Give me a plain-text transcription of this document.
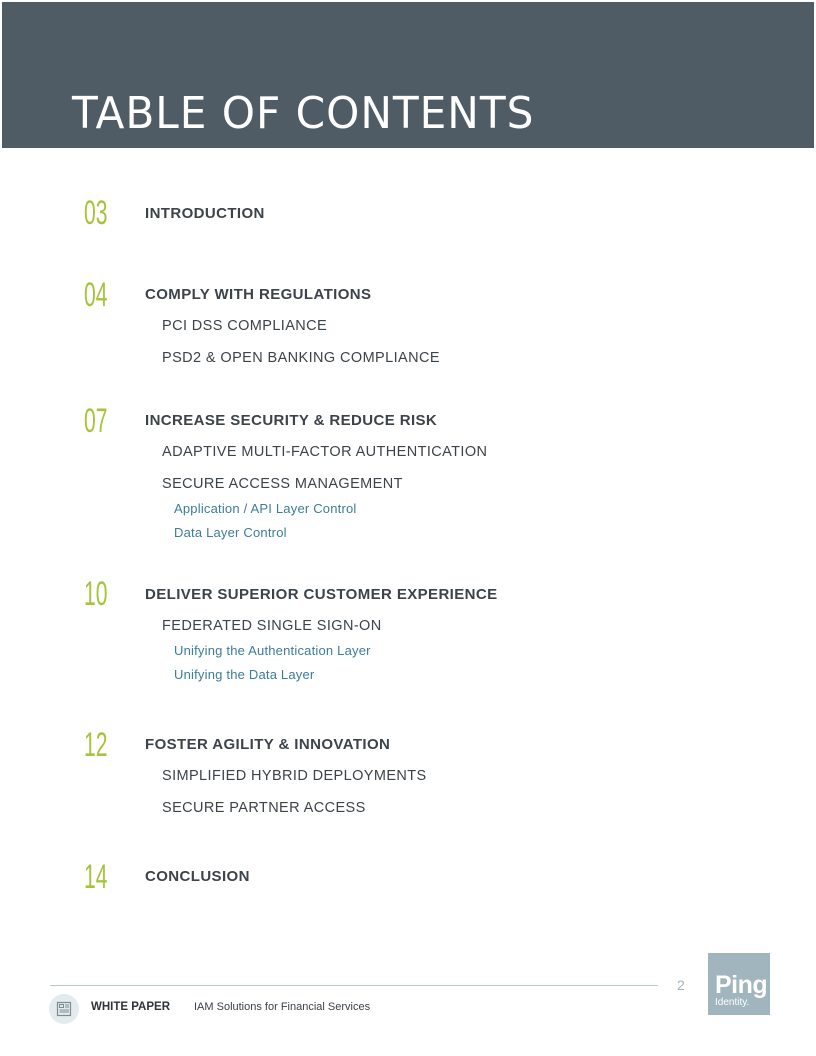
TABLE OF CONTENTS
03	INTRODUCTION
04	COMPLY WITH REGULATIONS
PCI DSS COMPLIANCE
PSD2 & OPEN BANKING COMPLIANCE
07	INCREASE SECURITY & REDUCE RISK
ADAPTIVE MULTI-FACTOR AUTHENTICATION
SECURE ACCESS MANAGEMENT
Application / API Layer Control
Data Layer Control
10	DELIVER SUPERIOR CUSTOMER EXPERIENCE
FEDERATED SINGLE SIGN-ON
Unifying the Authentication Layer
Unifying the Data Layer
12	FOSTER AGILITY & INNOVATION
SIMPLIFIED HYBRID DEPLOYMENTS
SECURE PARTNER ACCESS
14	CONCLUSION
2 Ping
Identity.
WHITE PAPER IAM Solutions for Financial Services
